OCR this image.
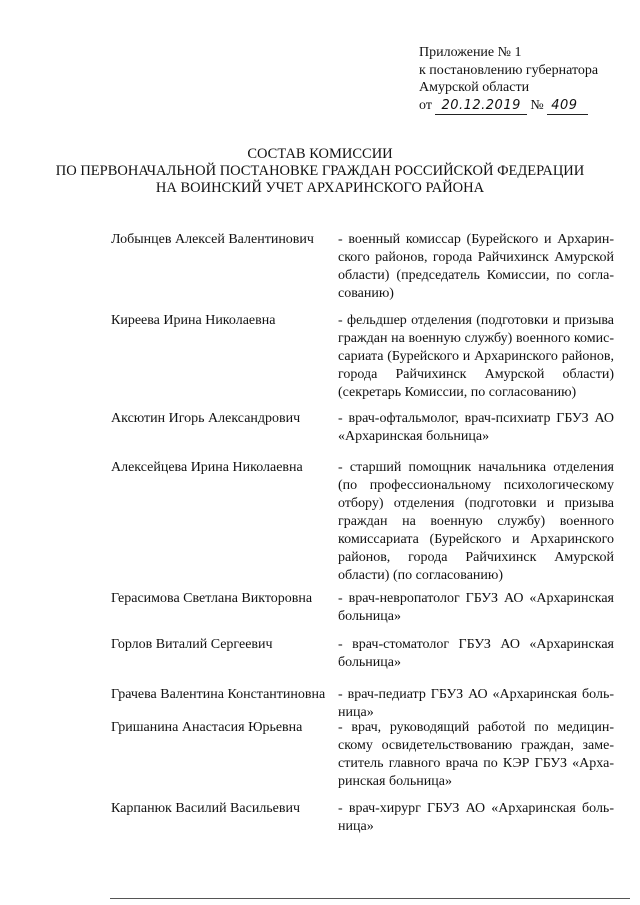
Приложение № 1
к постановлению губернатора
Амурской области
от 20.12.2019 № 409
СОСТАВ КОМИССИИ
ПО ПЕРВОНАЧАЛЬНОЙ ПОСТАНОВКЕ ГРАЖДАН РОССИЙСКОЙ ФЕДЕРАЦИИ
НА ВОИНСКИЙ УЧЕТ АРХАРИНСКОГО РАЙОНА
Лобынцев Алексей Валентинович	- военный комиссар (Бурейского и Архаринского районов, города Райчихинск Амурской области) (председатель Комиссии, по согласованию)
Киреева Ирина Николаевна	- фельдшер отделения (подготовки и призыва граждан на военную службу) военного комиссариата (Бурейского и Архаринского районов, города Райчихинск Амурской области) (секретарь Комиссии, по согласованию)
Аксютин Игорь Александрович	- врач-офтальмолог, врач-психиатр ГБУЗ АО «Архаринская больница»
Алексейцева Ирина Николаевна	- старший помощник начальника отделения (по профессиональному психологическому отбору) отделения (подготовки и призыва граждан на военную службу) военного комиссариата (Бурейского и Архаринского районов, города Райчихинск Амурской области) (по согласованию)
Герасимова Светлана Викторовна	- врач-невропатолог ГБУЗ АО «Архаринская больница»
Горлов Виталий Сергеевич	- врач-стоматолог ГБУЗ АО «Архаринская больница»
Грачева Валентина Константиновна - врач-педиатр ГБУЗ АО «Архаринская больница»
Гришанина Анастасия Юрьевна	- врач, руководящий работой по медицинскому освидетельствованию граждан, заместитель главного врача по КЭР ГБУЗ «Архаринская больница»
Карпанюк Василий Васильевич	- врач-хирург ГБУЗ АО «Архаринская больница»
